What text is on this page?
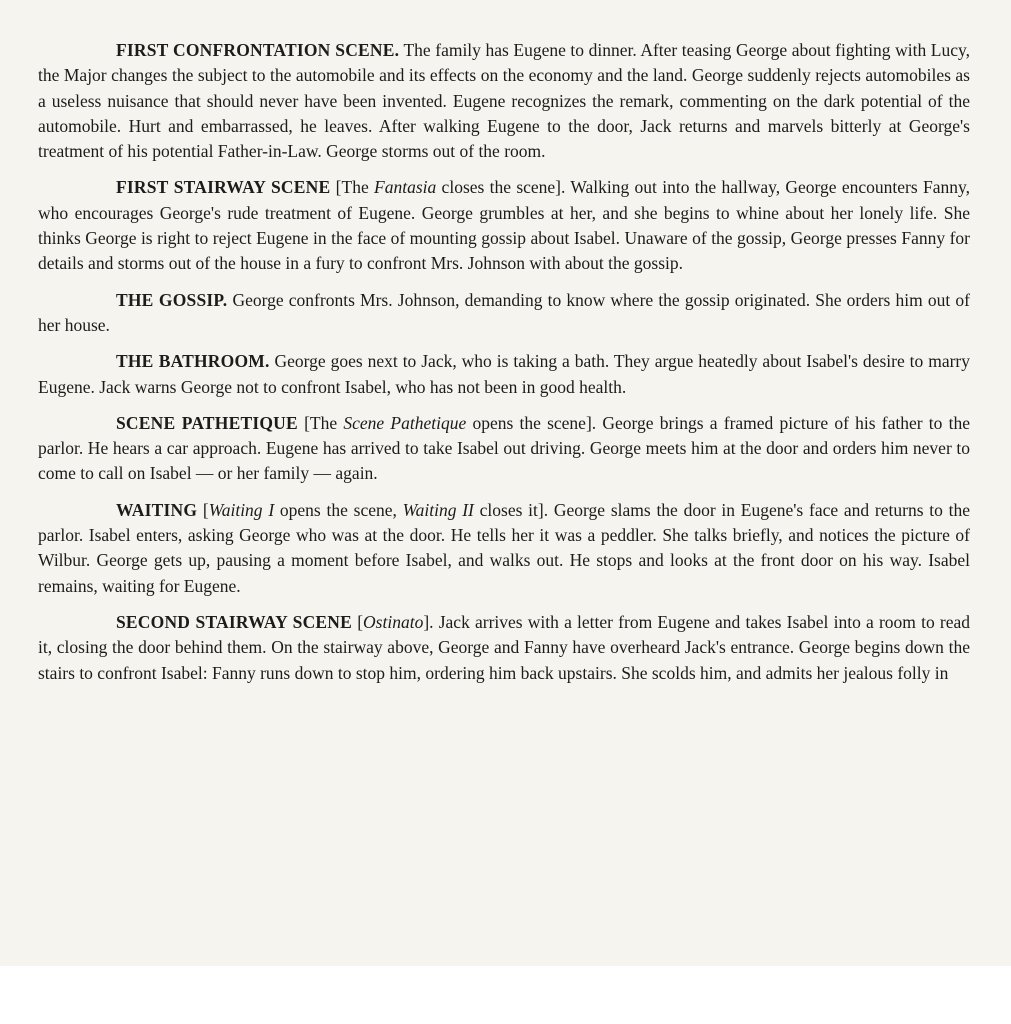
FIRST CONFRONTATION SCENE. The family has Eugene to dinner. After teasing George about fighting with Lucy, the Major changes the subject to the automobile and its effects on the economy and the land. George suddenly rejects automobiles as a useless nuisance that should never have been invented. Eugene recognizes the remark, commenting on the dark potential of the automobile. Hurt and embarrassed, he leaves. After walking Eugene to the door, Jack returns and marvels bitterly at George's treatment of his potential Father-in-Law. George storms out of the room.

FIRST STAIRWAY SCENE [The Fantasia closes the scene]. Walking out into the hallway, George encounters Fanny, who encourages George's rude treatment of Eugene. George grumbles at her, and she begins to whine about her lonely life. She thinks George is right to reject Eugene in the face of mounting gossip about Isabel. Unaware of the gossip, George presses Fanny for details and storms out of the house in a fury to confront Mrs. Johnson with about the gossip.

THE GOSSIP. George confronts Mrs. Johnson, demanding to know where the gossip originated. She orders him out of her house.

THE BATHROOM. George goes next to Jack, who is taking a bath. They argue heatedly about Isabel's desire to marry Eugene. Jack warns George not to confront Isabel, who has not been in good health.

SCENE PATHETIQUE [The Scene Pathetique opens the scene]. George brings a framed picture of his father to the parlor. He hears a car approach. Eugene has arrived to take Isabel out driving. George meets him at the door and orders him never to come to call on Isabel — or her family — again.

WAITING [Waiting I opens the scene, Waiting II closes it]. George slams the door in Eugene's face and returns to the parlor. Isabel enters, asking George who was at the door. He tells her it was a peddler. She talks briefly, and notices the picture of Wilbur. George gets up, pausing a moment before Isabel, and walks out. He stops and looks at the front door on his way. Isabel remains, waiting for Eugene.

SECOND STAIRWAY SCENE [Ostinato]. Jack arrives with a letter from Eugene and takes Isabel into a room to read it, closing the door behind them. On the stairway above, George and Fanny have overheard Jack's entrance. George begins down the stairs to confront Isabel: Fanny runs down to stop him, ordering him back upstairs. She scolds him, and admits her jealous folly in
